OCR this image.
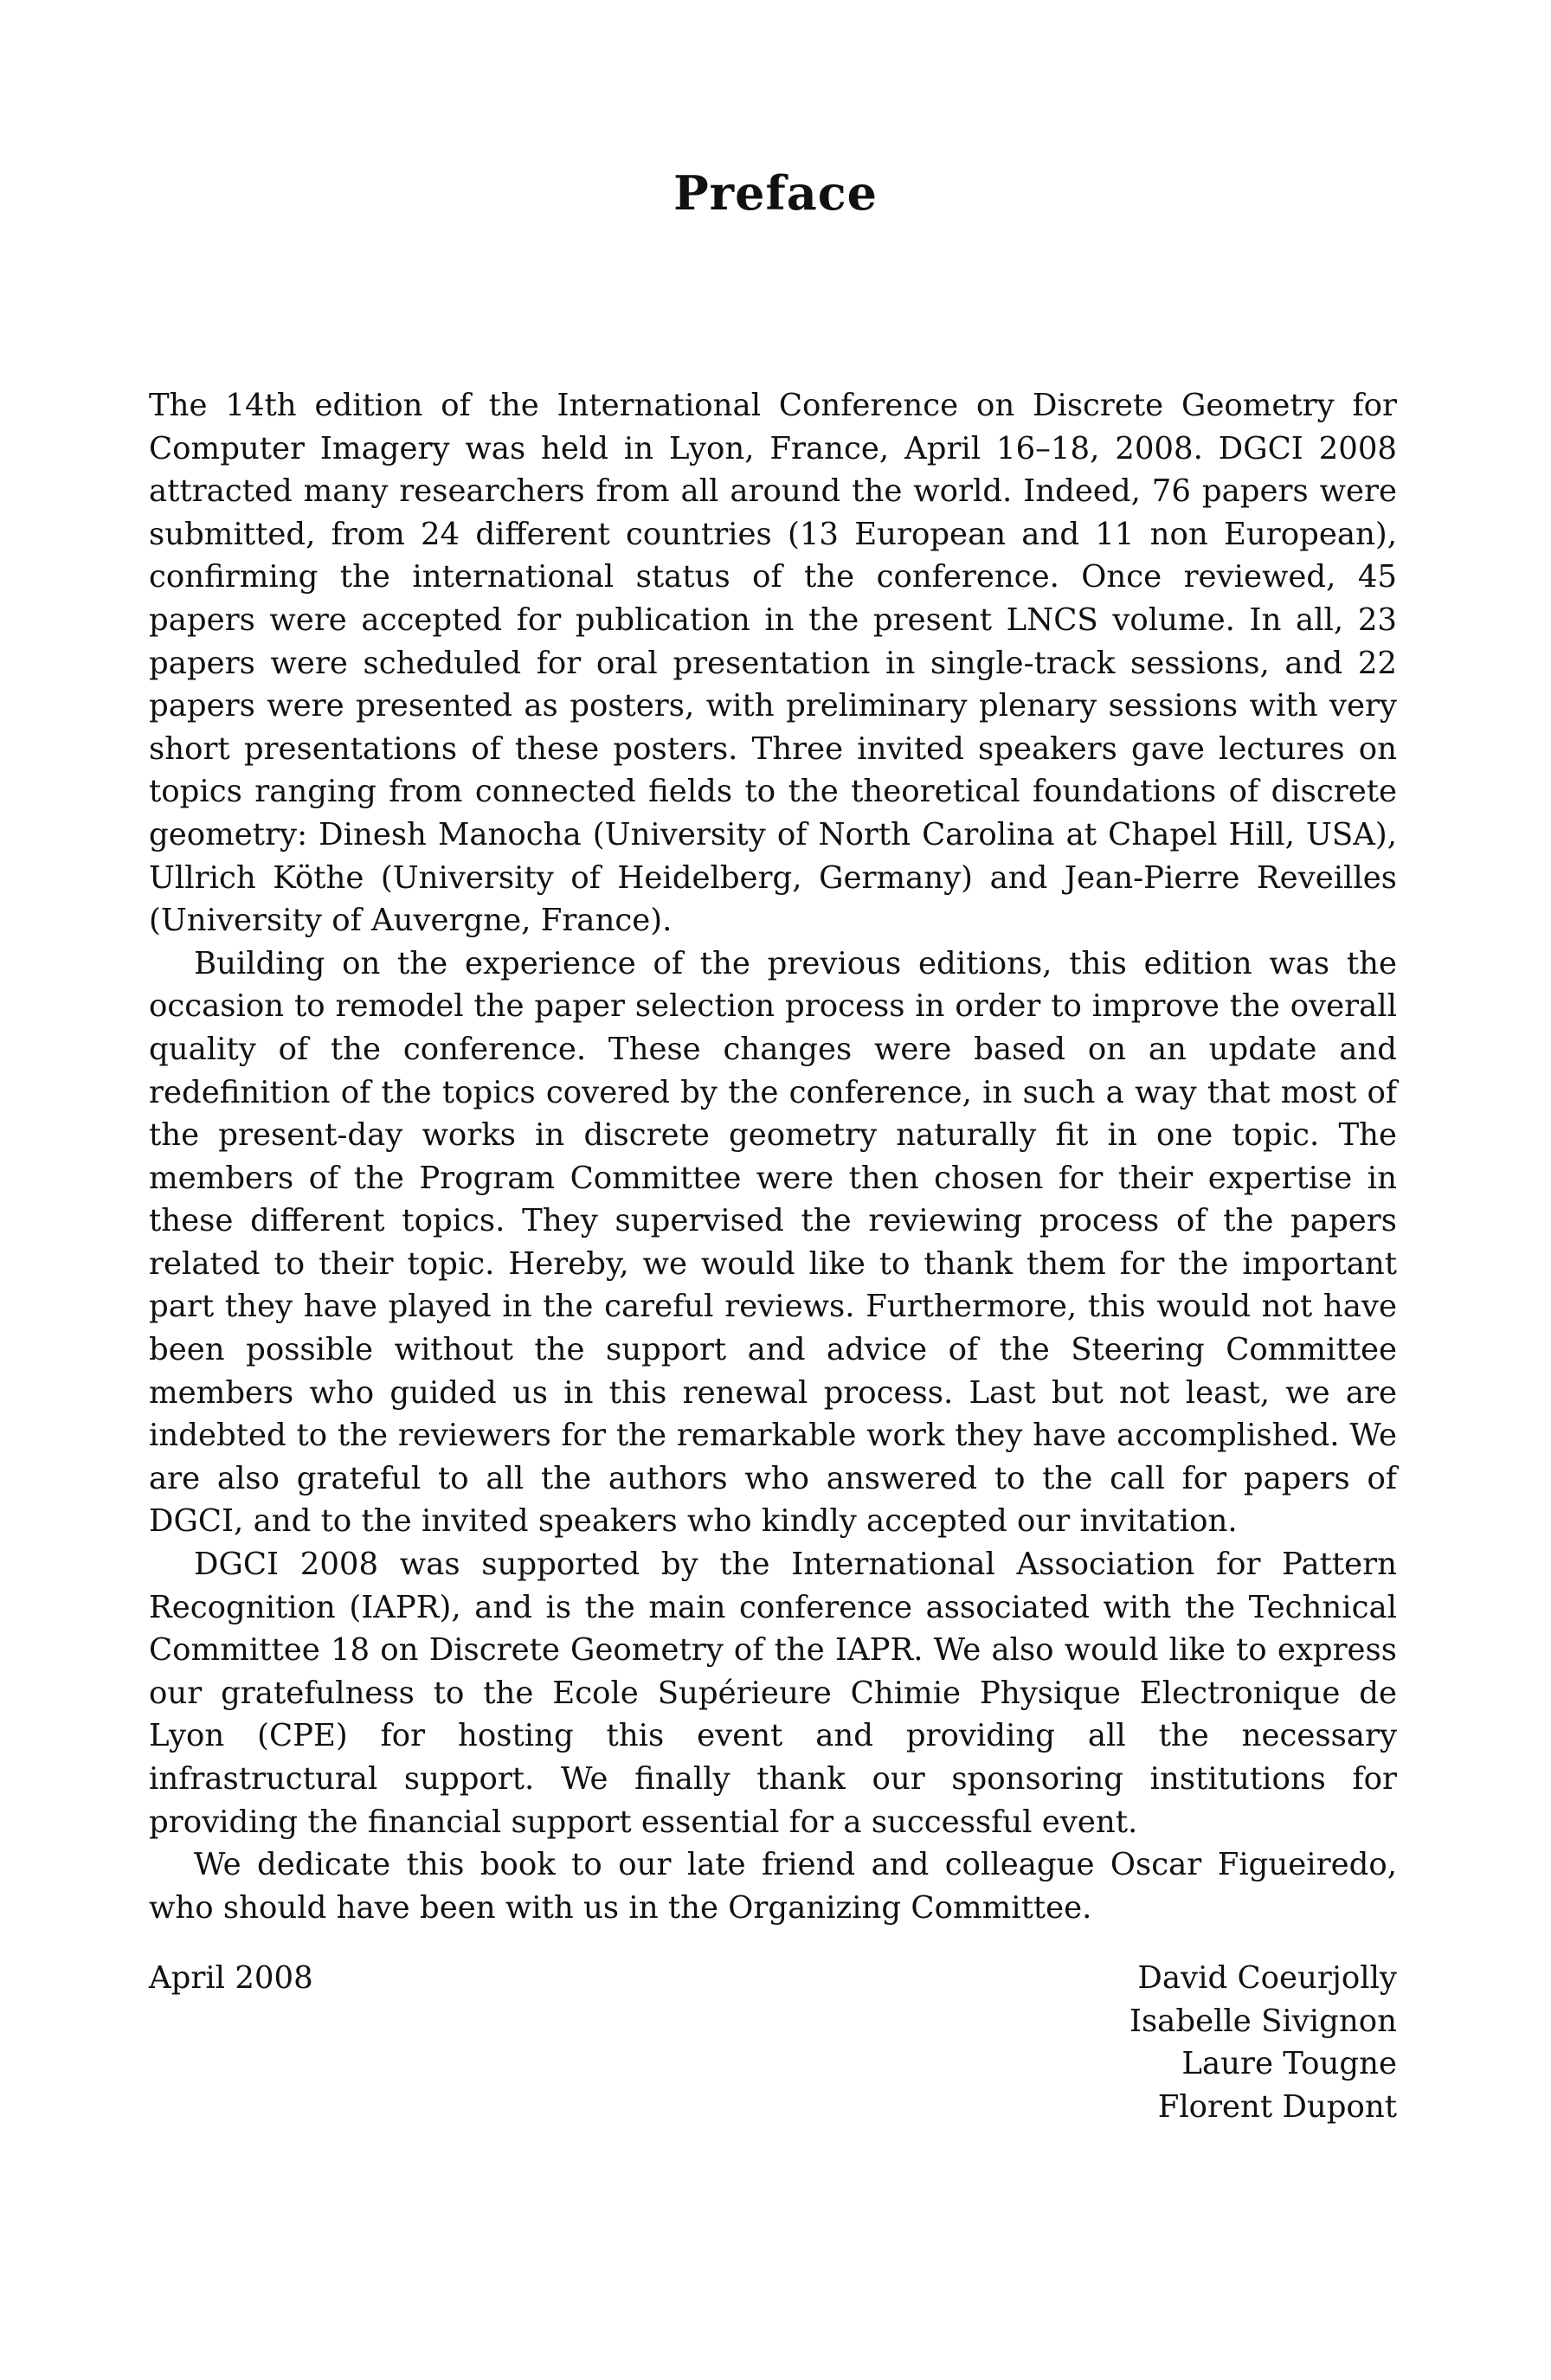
Preface

The 14th edition of the International Conference on Discrete Geometry for Computer Imagery was held in Lyon, France, April 16–18, 2008. DGCI 2008 attracted many researchers from all around the world. Indeed, 76 papers were submitted, from 24 different countries (13 European and 11 non European), confirming the international status of the conference. Once reviewed, 45 papers were accepted for publication in the present LNCS volume. In all, 23 papers were scheduled for oral presentation in single-track sessions, and 22 papers were presented as posters, with preliminary plenary sessions with very short presentations of these posters. Three invited speakers gave lectures on topics ranging from connected fields to the theoretical foundations of discrete geometry: Dinesh Manocha (University of North Carolina at Chapel Hill, USA), Ullrich Köthe (University of Heidelberg, Germany) and Jean-Pierre Reveilles (University of Auvergne, France).

Building on the experience of the previous editions, this edition was the occasion to remodel the paper selection process in order to improve the overall quality of the conference. These changes were based on an update and redefinition of the topics covered by the conference, in such a way that most of the present-day works in discrete geometry naturally fit in one topic. The members of the Program Committee were then chosen for their expertise in these different topics. They supervised the reviewing process of the papers related to their topic. Hereby, we would like to thank them for the important part they have played in the careful reviews. Furthermore, this would not have been possible without the support and advice of the Steering Committee members who guided us in this renewal process. Last but not least, we are indebted to the reviewers for the remarkable work they have accomplished. We are also grateful to all the authors who answered to the call for papers of DGCI, and to the invited speakers who kindly accepted our invitation.

DGCI 2008 was supported by the International Association for Pattern Recognition (IAPR), and is the main conference associated with the Technical Committee 18 on Discrete Geometry of the IAPR. We also would like to express our gratefulness to the Ecole Supérieure Chimie Physique Electronique de Lyon (CPE) for hosting this event and providing all the necessary infrastructural support. We finally thank our sponsoring institutions for providing the financial support essential for a successful event.

We dedicate this book to our late friend and colleague Oscar Figueiredo, who should have been with us in the Organizing Committee.

April 2008	David Coeurjolly
Isabelle Sivignon
Laure Tougne
Florent Dupont
